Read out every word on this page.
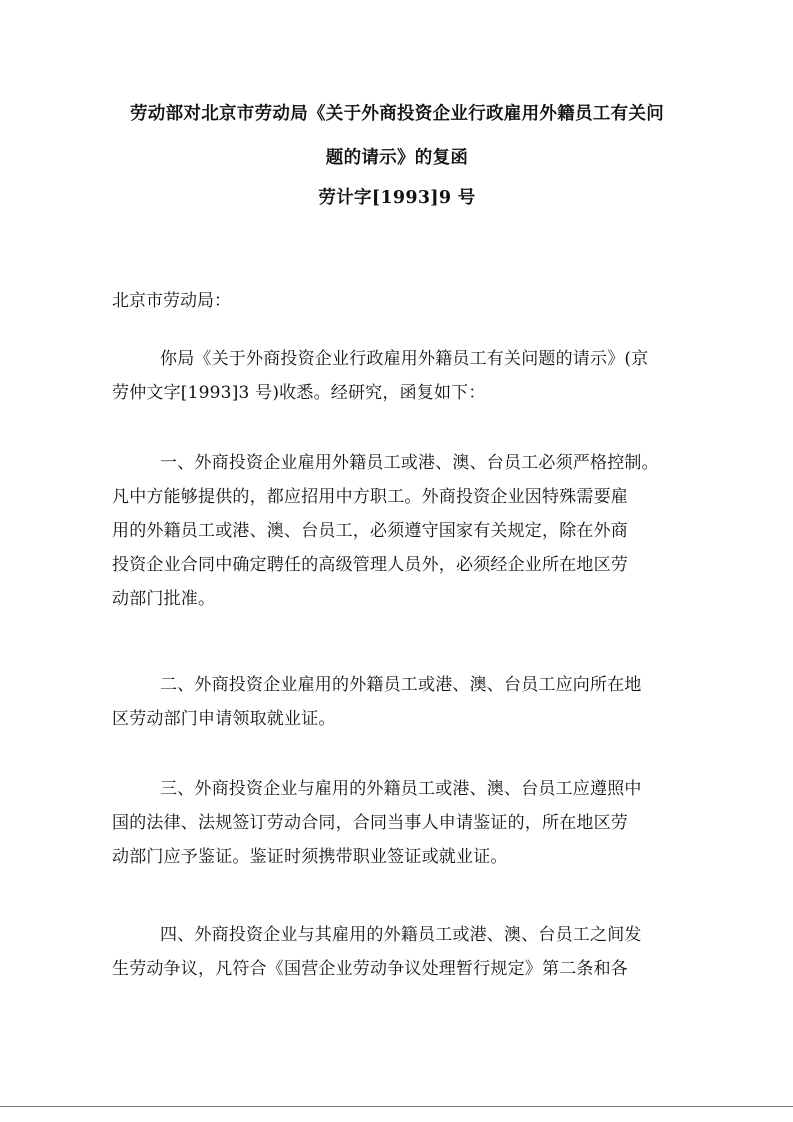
劳动部对北京市劳动局《关于外商投资企业行政雇用外籍员工有关问
题的请示》的复函
劳计字[1993]9 号
北京市劳动局：
你局《关于外商投资企业行政雇用外籍员工有关问题的请示》(京
劳仲文字[1993]3 号)收悉。经研究，函复如下：
一、外商投资企业雇用外籍员工或港、澳、台员工必须严格控制。
凡中方能够提供的，都应招用中方职工。外商投资企业因特殊需要雇
用的外籍员工或港、澳、台员工，必须遵守国家有关规定，除在外商
投资企业合同中确定聘任的高级管理人员外，必须经企业所在地区劳
动部门批准。
二、外商投资企业雇用的外籍员工或港、澳、台员工应向所在地
区劳动部门申请领取就业证。
三、外商投资企业与雇用的外籍员工或港、澳、台员工应遵照中
国的法律、法规签订劳动合同，合同当事人申请鉴证的，所在地区劳
动部门应予鉴证。鉴证时须携带职业签证或就业证。
四、外商投资企业与其雇用的外籍员工或港、澳、台员工之间发
生劳动争议，凡符合《国营企业劳动争议处理暂行规定》第二条和各
